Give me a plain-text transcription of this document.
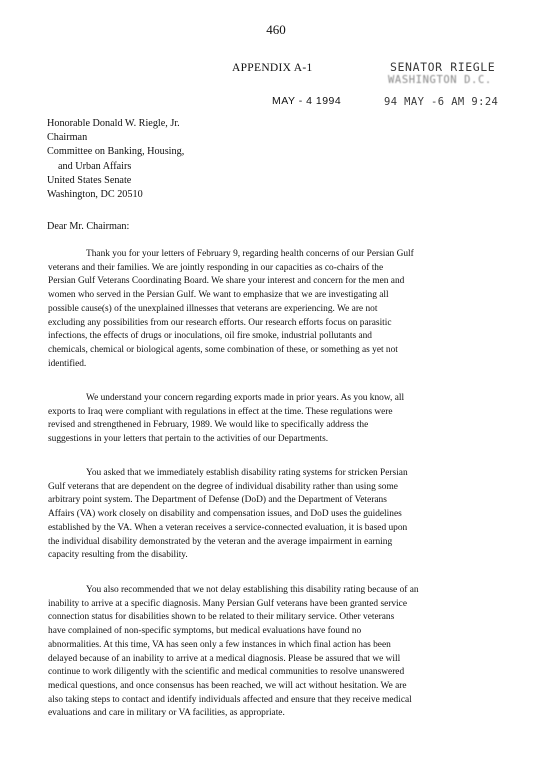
460
APPENDIX A-1
MAY - 4 1994
SENATOR RIEGLE
WASHINGTON D.C.
94 MAY -6 AM 9:24
Honorable Donald W. Riegle, Jr.
Chairman
Committee on Banking, Housing,
and Urban Affairs
United States Senate
Washington, DC 20510
Dear Mr. Chairman:
Thank you for your letters of February 9, regarding health concerns of our Persian Gulf
veterans and their families. We are jointly responding in our capacities as co-chairs of the
Persian Gulf Veterans Coordinating Board. We share your interest and concern for the men and
women who served in the Persian Gulf. We want to emphasize that we are investigating all
possible cause(s) of the unexplained illnesses that veterans are experiencing. We are not
excluding any possibilities from our research efforts. Our research efforts focus on parasitic
infections, the effects of drugs or inoculations, oil fire smoke, industrial pollutants and
chemicals, chemical or biological agents, some combination of these, or something as yet not
identified.
We understand your concern regarding exports made in prior years. As you know, all
exports to Iraq were compliant with regulations in effect at the time. These regulations were
revised and strengthened in February, 1989. We would like to specifically address the
suggestions in your letters that pertain to the activities of our Departments.
You asked that we immediately establish disability rating systems for stricken Persian
Gulf veterans that are dependent on the degree of individual disability rather than using some
arbitrary point system. The Department of Defense (DoD) and the Department of Veterans
Affairs (VA) work closely on disability and compensation issues, and DoD uses the guidelines
established by the VA. When a veteran receives a service-connected evaluation, it is based upon
the individual disability demonstrated by the veteran and the average impairment in earning
capacity resulting from the disability.
You also recommended that we not delay establishing this disability rating because of an
inability to arrive at a specific diagnosis. Many Persian Gulf veterans have been granted service
connection status for disabilities shown to be related to their military service. Other veterans
have complained of non-specific symptoms, but medical evaluations have found no
abnormalities. At this time, VA has seen only a few instances in which final action has been
delayed because of an inability to arrive at a medical diagnosis. Please be assured that we will
continue to work diligently with the scientific and medical communities to resolve unanswered
medical questions, and once consensus has been reached, we will act without hesitation. We are
also taking steps to contact and identify individuals affected and ensure that they receive medical
evaluations and care in military or VA facilities, as appropriate.
